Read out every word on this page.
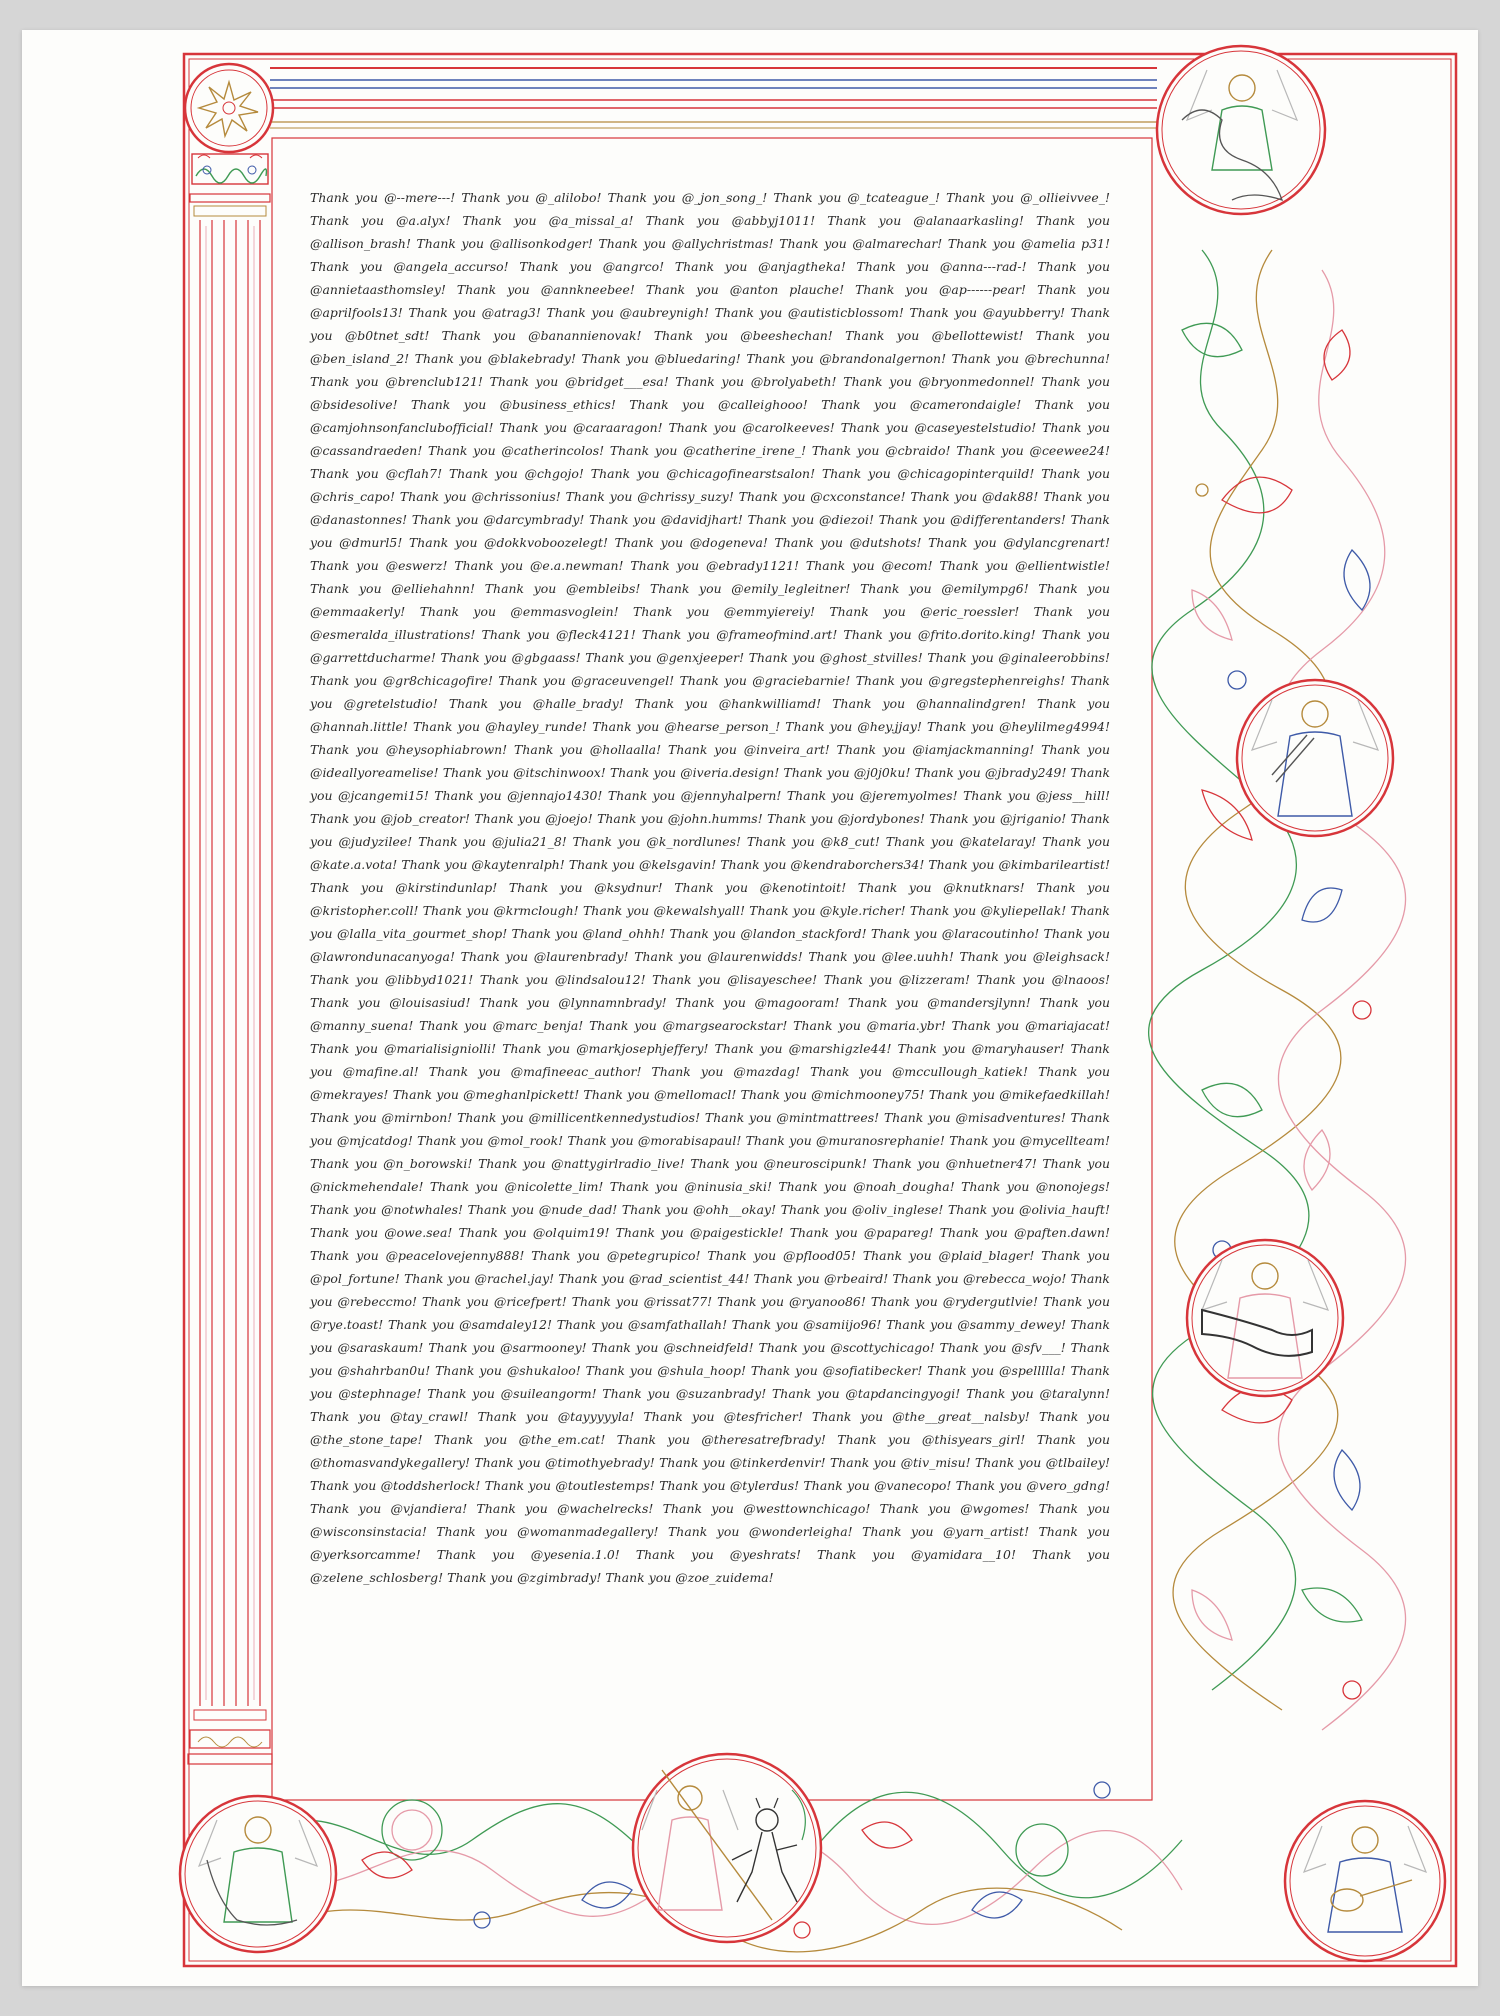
Thank you @--mere---! Thank you @_alilobo! Thank you @_jon_song_! Thank you @_tcateague_! Thank you @_ollieivvee_! Thank you @a.alyx! Thank you @a_missal_a! Thank you @abbyj1011! Thank you @alanaarkasling! Thank you @allison_brash! Thank you @allisonkodger! Thank you @allychristmas! Thank you @almarechar! Thank you @amelia p31! Thank you @angela_accurso! Thank you @angrco! Thank you @anjagtheka! Thank you @anna---rad-! Thank you @annietaasthomsley! Thank you @annkneebee! Thank you @anton plauche! Thank you @ap------pear! Thank you @aprilfools13! Thank you @atrag3! Thank you @aubreynigh! Thank you @autisticblossom! Thank you @ayubberry! Thank you @b0tnet_sdt! Thank you @banannienovak! Thank you @beeshechan! Thank you @bellottewist! Thank you @ben_island_2! Thank you @blakebrady! Thank you @bluedaring! Thank you @brandonalgernon! Thank you @brechunna! Thank you @brenclub121! Thank you @bridget___esa! Thank you @brolyabeth! Thank you @bryonmedonnel! Thank you @bsidesolive! Thank you @business_ethics! Thank you @calleighooo! Thank you @camerondaigle! Thank you @camjohnsonfanclubofficial! Thank you @caraaragon! Thank you @carolkeeves! Thank you @caseyestelstudio! Thank you @cassandraeden! Thank you @catherincolos! Thank you @catherine_irene_! Thank you @cbraido! Thank you @ceewee24! Thank you @cflah7! Thank you @chgojo! Thank you @chicagofinearstsalon! Thank you @chicagopinterquild! Thank you @chris_capo! Thank you @chrissonius! Thank you @chrissy_suzy! Thank you @cxconstance! Thank you @dak88! Thank you @danastonnes! Thank you @darcymbrady! Thank you @davidjhart! Thank you @diezoi! Thank you @differentanders! Thank you @dmurl5! Thank you @dokkvoboozelegt! Thank you @dogeneva! Thank you @dutshots! Thank you @dylancgrenart! Thank you @eswerz! Thank you @e.a.newman! Thank you @ebrady1121! Thank you @ecom! Thank you @ellientwistle! Thank you @elliehahnn! Thank you @embleibs! Thank you @emily_legleitner! Thank you @emilympg6! Thank you @emmaakerly! Thank you @emmasvoglein! Thank you @emmyiereiy! Thank you @eric_roessler! Thank you @esmeralda_illustrations! Thank you @fleck4121! Thank you @frameofmind.art! Thank you @frito.dorito.king! Thank you @garrettducharme! Thank you @gbgaass! Thank you @genxjeeper! Thank you @ghost_stvilles! Thank you @ginaleerobbins! Thank you @gr8chicagofire! Thank you @graceuvengel! Thank you @graciebarnie! Thank you @gregstephenreighs! Thank you @gretelstudio! Thank you @halle_brady! Thank you @hankwilliamd! Thank you @hannalindgren! Thank you @hannah.little! Thank you @hayley_runde! Thank you @hearse_person_! Thank you @hey.jjay! Thank you @heylilmeg4994! Thank you @heysophiabrown! Thank you @hollaalla! Thank you @inveira_art! Thank you @iamjackmanning! Thank you @ideallyoreamelise! Thank you @itschinwoox! Thank you @iveria.design! Thank you @j0j0ku! Thank you @jbrady249! Thank you @jcangemi15! Thank you @jennajo1430! Thank you @jennyhalpern! Thank you @jeremyolmes! Thank you @jess__hill! Thank you @job_creator! Thank you @joejo! Thank you @john.humms! Thank you @jordybones! Thank you @jriganio! Thank you @judyzilee! Thank you @julia21_8! Thank you @k_nordlunes! Thank you @k8_cut! Thank you @katelaray! Thank you @kate.a.vota! Thank you @kaytenralph! Thank you @kelsgavin! Thank you @kendraborchers34! Thank you @kimbarileartist! Thank you @kirstindunlap! Thank you @ksydnur! Thank you @kenotintoit! Thank you @knutknars! Thank you @kristopher.coll! Thank you @krmclough! Thank you @kewalshyall! Thank you @kyle.richer! Thank you @kyliepellak! Thank you @lalla_vita_gourmet_shop! Thank you @land_ohhh! Thank you @landon_stackford! Thank you @laracoutinho! Thank you @lawrondunacanyoga! Thank you @laurenbrady! Thank you @laurenwidds! Thank you @lee.uuhh! Thank you @leighsack! Thank you @libbyd1021! Thank you @lindsalou12! Thank you @lisayeschee! Thank you @lizzeram! Thank you @lnaoos! Thank you @louisasiud! Thank you @lynnamnbrady! Thank you @magooram! Thank you @mandersjlynn! Thank you @manny_suena! Thank you @marc_benja! Thank you @margsearockstar! Thank you @maria.ybr! Thank you @mariajacat! Thank you @marialisigniolli! Thank you @markjosephjeffery! Thank you @marshigzle44! Thank you @maryhauser! Thank you @mafine.al! Thank you @mafineeac_author! Thank you @mazdag! Thank you @mccullough_katiek! Thank you @mekrayes! Thank you @meghanlpickett! Thank you @mellomacl! Thank you @michmooney75! Thank you @mikefaedkillah! Thank you @mirnbon! Thank you @millicentkennedystudios! Thank you @mintmattrees! Thank you @misadventures! Thank you @mjcatdog! Thank you @mol_rook! Thank you @morabisapaul! Thank you @muranosrephanie! Thank you @mycellteam! Thank you @n_borowski! Thank you @nattygirlradio_live! Thank you @neuroscipunk! Thank you @nhuetner47! Thank you @nickmehendale! Thank you @nicolette_lim! Thank you @ninusia_ski! Thank you @noah_dougha! Thank you @nonojegs! Thank you @notwhales! Thank you @nude_dad! Thank you @ohh__okay! Thank you @oliv_inglese! Thank you @olivia_hauft! Thank you @owe.sea! Thank you @olquim19! Thank you @paigestickle! Thank you @papareg! Thank you @paften.dawn! Thank you @peacelovejenny888! Thank you @petegrupico! Thank you @pflood05! Thank you @plaid_blager! Thank you @pol_fortune! Thank you @rachel.jay! Thank you @rad_scientist_44! Thank you @rbeaird! Thank you @rebecca_wojo! Thank you @rebeccmo! Thank you @ricefpert! Thank you @rissat77! Thank you @ryanoo86! Thank you @rydergutlvie! Thank you @rye.toast! Thank you @samdaley12! Thank you @samfathallah! Thank you @samiijo96! Thank you @sammy_dewey! Thank you @saraskaum! Thank you @sarmooney! Thank you @schneidfeld! Thank you @scottychicago! Thank you @sfv___! Thank you @shahrban0u! Thank you @shukaloo! Thank you @shula_hoop! Thank you @sofiatibecker! Thank you @spellllla! Thank you @stephnage! Thank you @suileangorm! Thank you @suzanbrady! Thank you @tapdancingyogi! Thank you @taralynn! Thank you @tay_crawl! Thank you @tayyyyyla! Thank you @tesfricher! Thank you @the__great__nalsby! Thank you @the_stone_tape! Thank you @the_em.cat! Thank you @theresatrefbrady! Thank you @thisyears_girl! Thank you @thomasvandykegallery! Thank you @timothyebrady! Thank you @tinkerdenvir! Thank you @tiv_misu! Thank you @tlbailey! Thank you @toddsherlock! Thank you @toutlestemps! Thank you @tylerdus! Thank you @vanecopo! Thank you @vero_gdng! Thank you @vjandiera! Thank you @wachelrecks! Thank you @westtownchicago! Thank you @wgomes! Thank you @wisconsinstacia! Thank you @womanmadegallery! Thank you @wonderleigha! Thank you @yarn_artist! Thank you @yerksorcamme! Thank you @yesenia.1.0! Thank you @yeshrats! Thank you @yamidara__10! Thank you @zelene_schlosberg! Thank you @zgimbrady! Thank you @zoe_zuidema!
